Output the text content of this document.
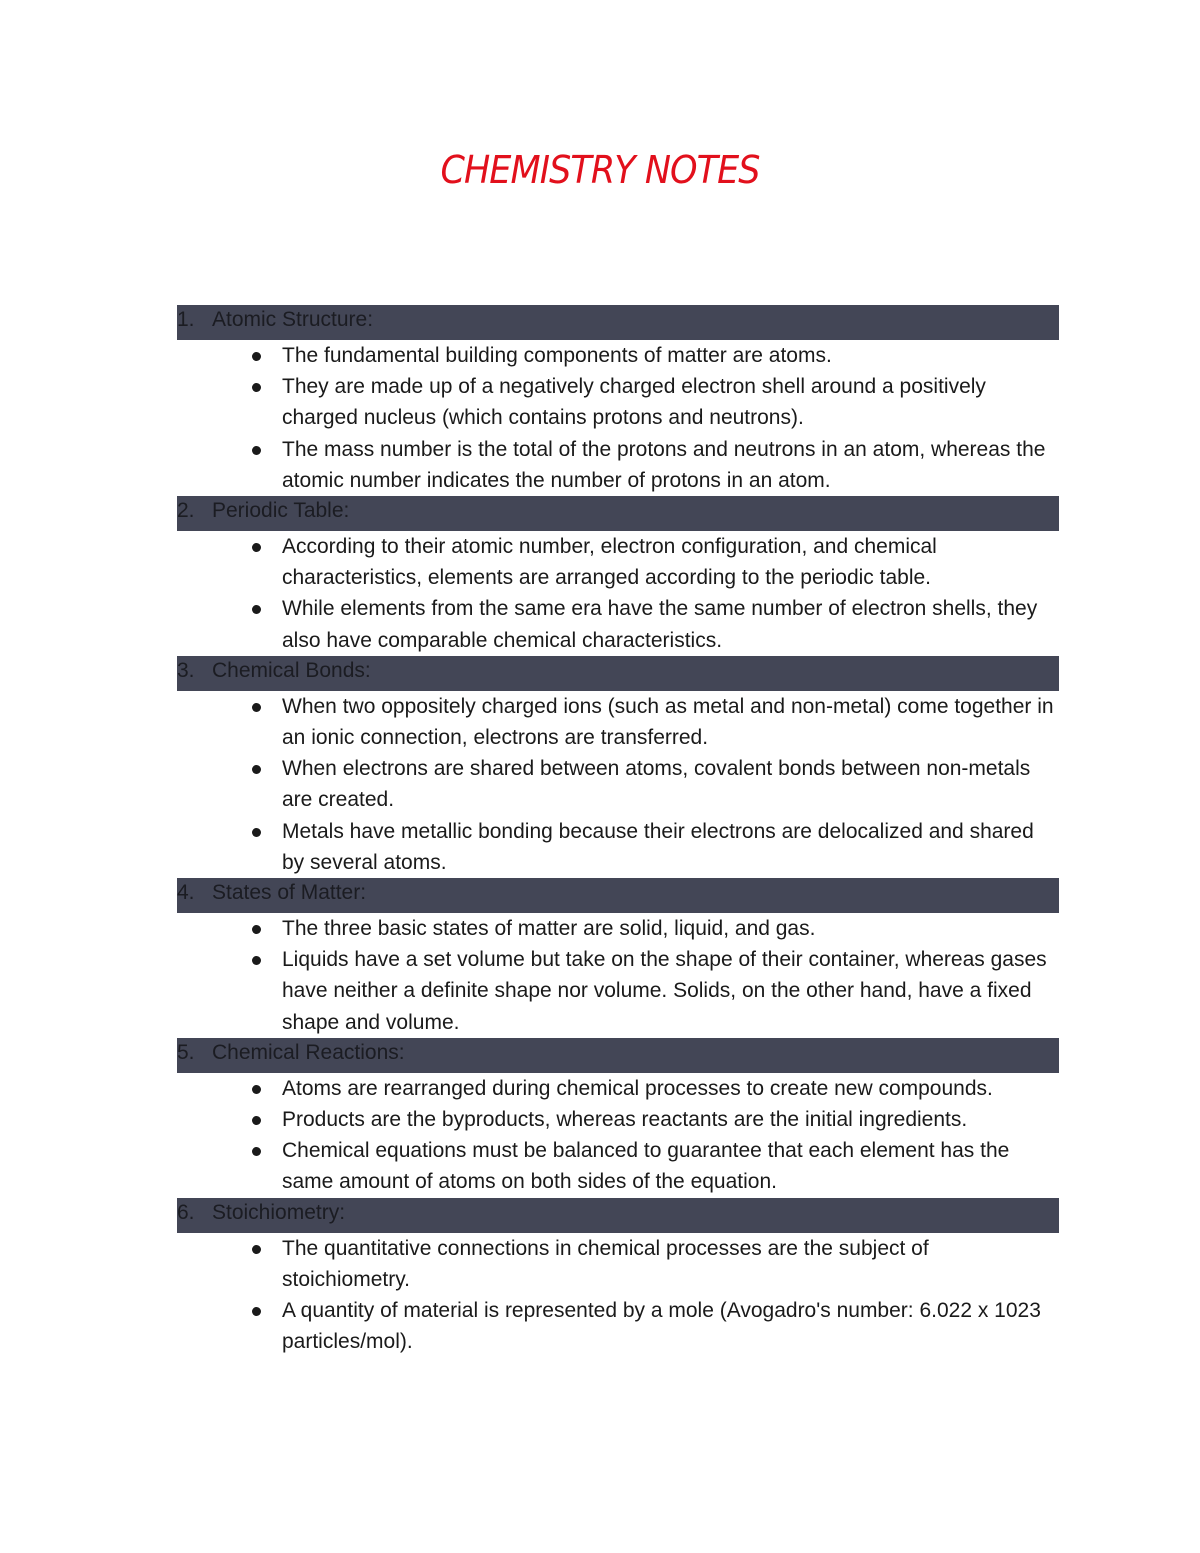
CHEMISTRY NOTES
1. Atomic Structure:
The fundamental building components of matter are atoms.
They are made up of a negatively charged electron shell around a positively charged nucleus (which contains protons and neutrons).
The mass number is the total of the protons and neutrons in an atom, whereas the atomic number indicates the number of protons in an atom.
2. Periodic Table:
According to their atomic number, electron configuration, and chemical characteristics, elements are arranged according to the periodic table.
While elements from the same era have the same number of electron shells, they also have comparable chemical characteristics.
3. Chemical Bonds:
When two oppositely charged ions (such as metal and non-metal) come together in an ionic connection, electrons are transferred.
When electrons are shared between atoms, covalent bonds between non-metals are created.
Metals have metallic bonding because their electrons are delocalized and shared by several atoms.
4. States of Matter:
The three basic states of matter are solid, liquid, and gas.
Liquids have a set volume but take on the shape of their container, whereas gases have neither a definite shape nor volume. Solids, on the other hand, have a fixed shape and volume.
5. Chemical Reactions:
Atoms are rearranged during chemical processes to create new compounds.
Products are the byproducts, whereas reactants are the initial ingredients.
Chemical equations must be balanced to guarantee that each element has the same amount of atoms on both sides of the equation.
6. Stoichiometry:
The quantitative connections in chemical processes are the subject of stoichiometry.
A quantity of material is represented by a mole (Avogadro's number: 6.022 x 1023 particles/mol).
